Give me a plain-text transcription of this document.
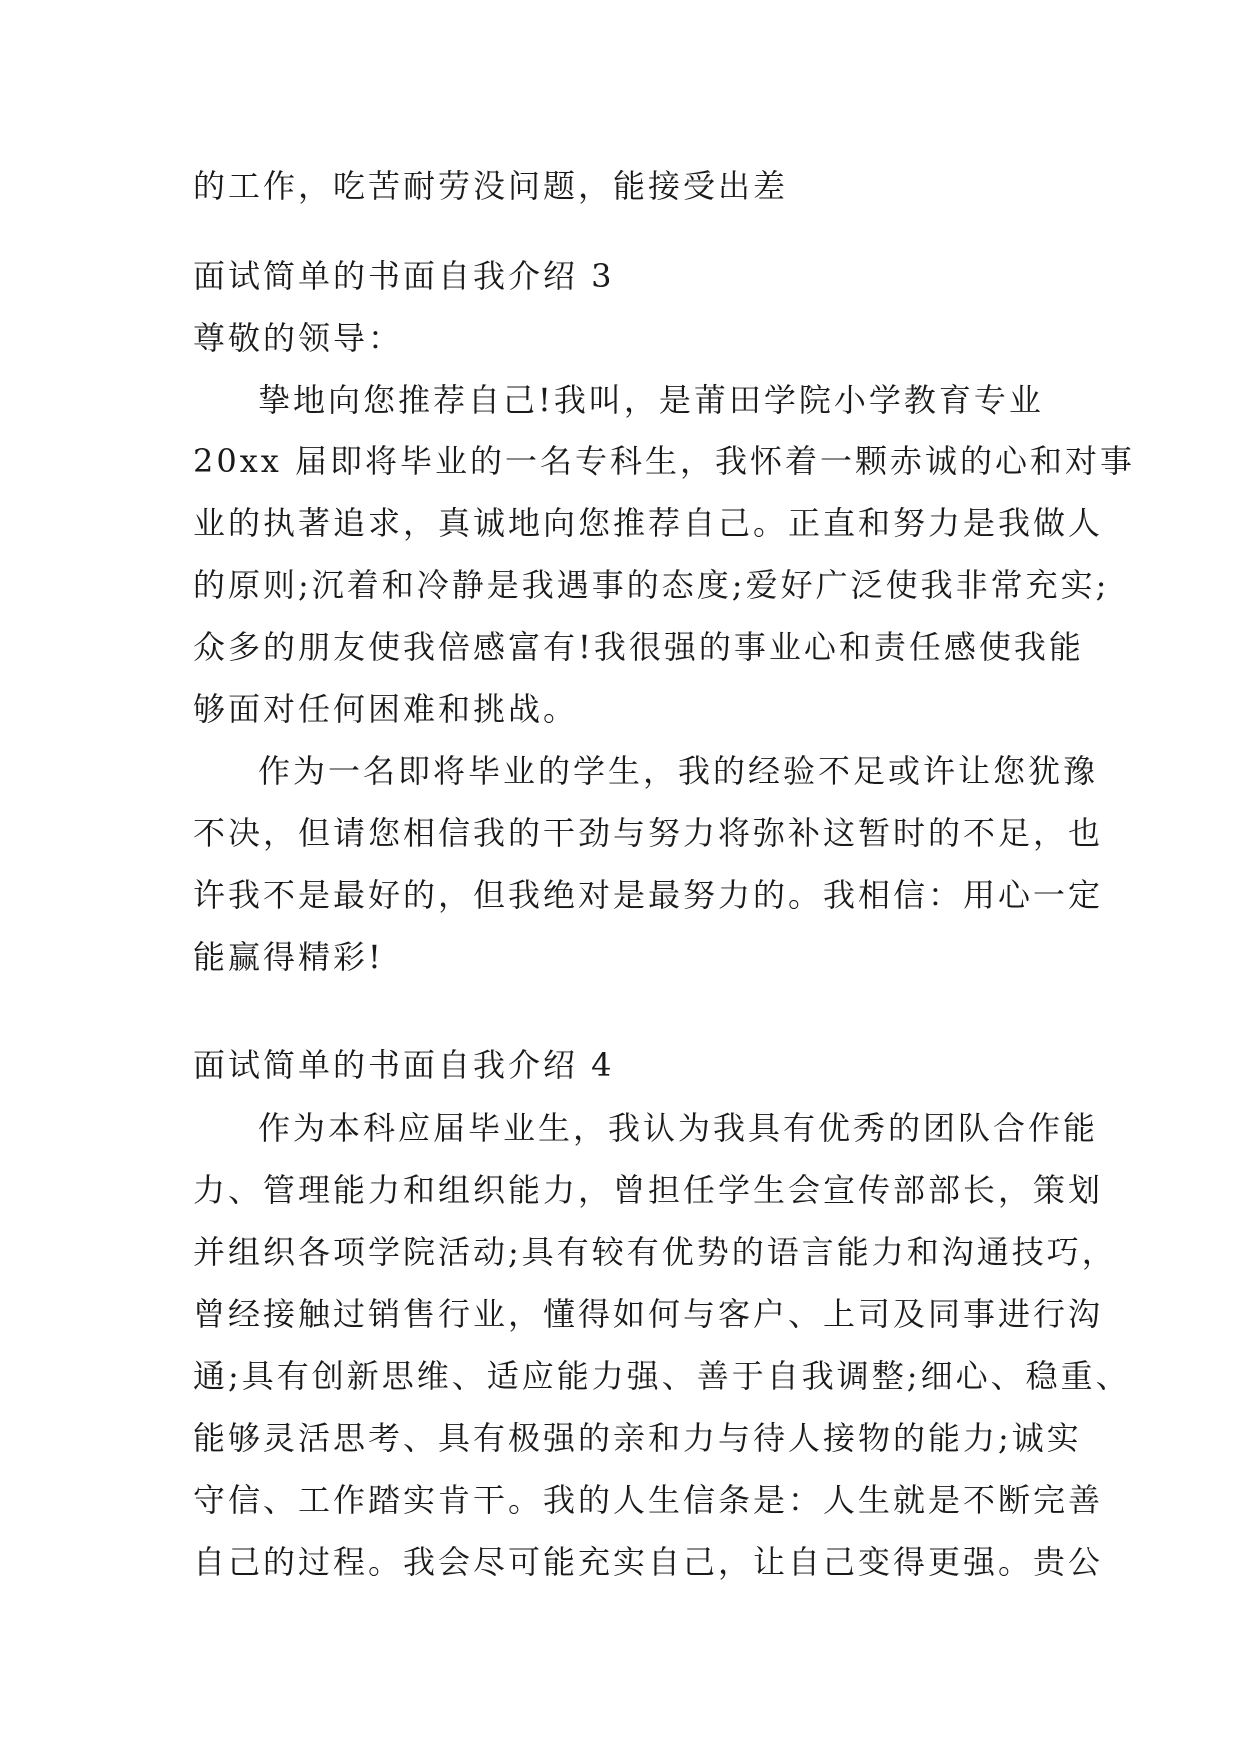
的工作，吃苦耐劳没问题，能接受出差

面试简单的书面自我介绍 3

尊敬的领导：

挚地向您推荐自己!我叫，是莆田学院小学教育专业

20xx 届即将毕业的一名专科生，我怀着一颗赤诚的心和对事

业的执著追求，真诚地向您推荐自己。正直和努力是我做人

的原则;沉着和冷静是我遇事的态度;爱好广泛使我非常充实;

众多的朋友使我倍感富有!我很强的事业心和责任感使我能

够面对任何困难和挑战。

作为一名即将毕业的学生，我的经验不足或许让您犹豫

不决，但请您相信我的干劲与努力将弥补这暂时的不足，也

许我不是最好的，但我绝对是最努力的。我相信：用心一定

能赢得精彩!

面试简单的书面自我介绍 4

作为本科应届毕业生，我认为我具有优秀的团队合作能

力、管理能力和组织能力，曾担任学生会宣传部部长，策划

并组织各项学院活动;具有较有优势的语言能力和沟通技巧，

曾经接触过销售行业，懂得如何与客户、上司及同事进行沟

通;具有创新思维、适应能力强、善于自我调整;细心、稳重、

能够灵活思考、具有极强的亲和力与待人接物的能力;诚实

守信、工作踏实肯干。我的人生信条是：人生就是不断完善

自己的过程。我会尽可能充实自己，让自己变得更强。贵公
